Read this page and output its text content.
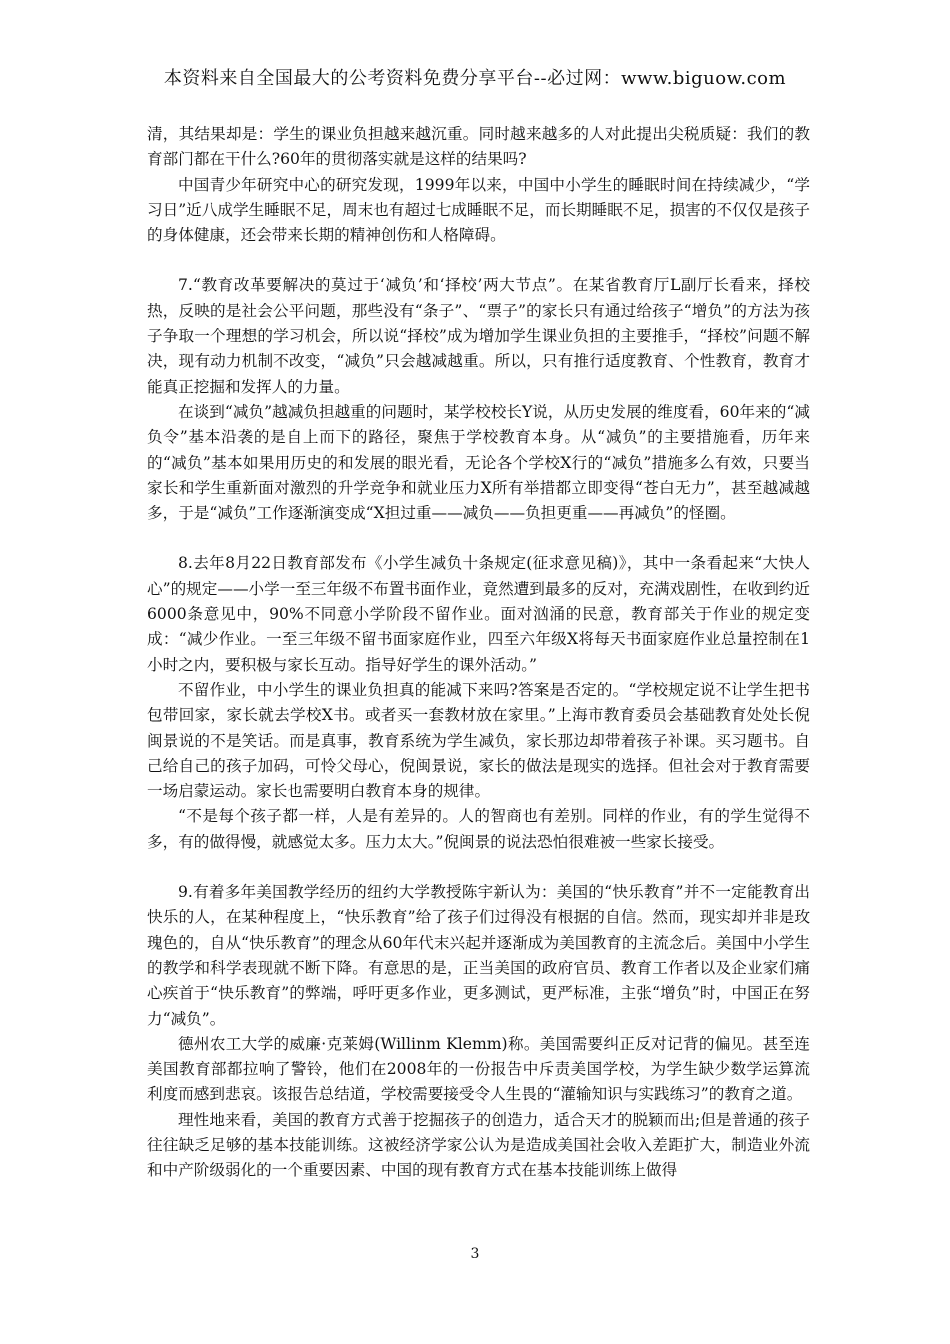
本资料来自全国最大的公考资料免费分享平台--必过网：www.biguow.com

清，其结果却是：学生的课业负担越来越沉重。同时越来越多的人对此提出尖税质疑：我们的教育部门都在干什么?60年的贯彻落实就是这样的结果吗?

中国青少年研究中心的研究发现，1999年以来，中国中小学生的睡眠时间在持续减少，“学习日”近八成学生睡眠不足，周末也有超过七成睡眠不足，而长期睡眠不足，损害的不仅仅是孩子的身体健康，还会带来长期的精神创伤和人格障碍。

7.“教育改革要解决的莫过于‘减负’和‘择校’两大节点”。在某省教育厅L副厅长看来，择校热，反映的是社会公平问题，那些没有“条子”、“票子”的家长只有通过给孩子“增负”的方法为孩子争取一个理想的学习机会，所以说“择校”成为增加学生课业负担的主要推手，“择校”问题不解决，现有动力机制不改变，“减负”只会越减越重。所以，只有推行适度教育、个性教育，教育才能真正挖掘和发挥人的力量。

在谈到“减负”越减负担越重的问题时，某学校校长Y说，从历史发展的维度看，60年来的“减负令”基本沿袭的是自上而下的路径，聚焦于学校教育本身。从“减负”的主要措施看，历年来的“减负”基本如果用历史的和发展的眼光看，无论各个学校X行的“减负”措施多么有效，只要当家长和学生重新面对激烈的升学竞争和就业压力X所有举措都立即变得“苍白无力”，甚至越减越多，于是“减负”工作逐渐演变成“X担过重——减负——负担更重——再减负”的怪圈。

8.去年8月22日教育部发布《小学生减负十条规定(征求意见稿)》，其中一条看起来“大快人心”的规定——小学一至三年级不布置书面作业，竟然遭到最多的反对，充满戏剧性，在收到约近6000条意见中，90%不同意小学阶段不留作业。面对汹涌的民意，教育部关于作业的规定变成：“减少作业。一至三年级不留书面家庭作业，四至六年级X将每天书面家庭作业总量控制在1小时之内，要积极与家长互动。指导好学生的课外活动。”

不留作业，中小学生的课业负担真的能减下来吗?答案是否定的。“学校规定说不让学生把书包带回家，家长就去学校X书。或者买一套教材放在家里。”上海市教育委员会基础教育处处长倪闽景说的不是笑话。而是真事，教育系统为学生减负，家长那边却带着孩子补课。买习题书。自己给自己的孩子加码，可怜父母心，倪闽景说，家长的做法是现实的选择。但社会对于教育需要一场启蒙运动。家长也需要明白教育本身的规律。

“不是每个孩子都一样，人是有差异的。人的智商也有差别。同样的作业，有的学生觉得不多，有的做得慢，就感觉太多。压力太大。”倪闽景的说法恐怕很难被一些家长接受。

9.有着多年美国教学经历的纽约大学教授陈宇新认为：美国的“快乐教育”并不一定能教育出快乐的人，在某种程度上，“快乐教育”给了孩子们过得没有根据的自信。然而，现实却并非是玫瑰色的，自从“快乐教育”的理念从60年代末兴起并逐渐成为美国教育的主流念后。美国中小学生的教学和科学表现就不断下降。有意思的是，正当美国的政府官员、教育工作者以及企业家们痛心疾首于“快乐教育”的弊端，呼吁更多作业，更多测试，更严标准，主张“增负”时，中国正在努力“减负”。

德州农工大学的威廉·克莱姆(Willinm Klemm)称。美国需要纠正反对记背的偏见。甚至连美国教育部都拉响了警铃，他们在2008年的一份报告中斥责美国学校，为学生缺少数学运算流利度而感到悲哀。该报告总结道，学校需要接受令人生畏的“灌输知识与实践练习”的教育之道。

理性地来看，美国的教育方式善于挖掘孩子的创造力，适合天才的脱颖而出;但是普通的孩子往往缺乏足够的基本技能训练。这被经济学家公认为是造成美国社会收入差距扩大，制造业外流和中产阶级弱化的一个重要因素、中国的现有教育方式在基本技能训练上做得

3
